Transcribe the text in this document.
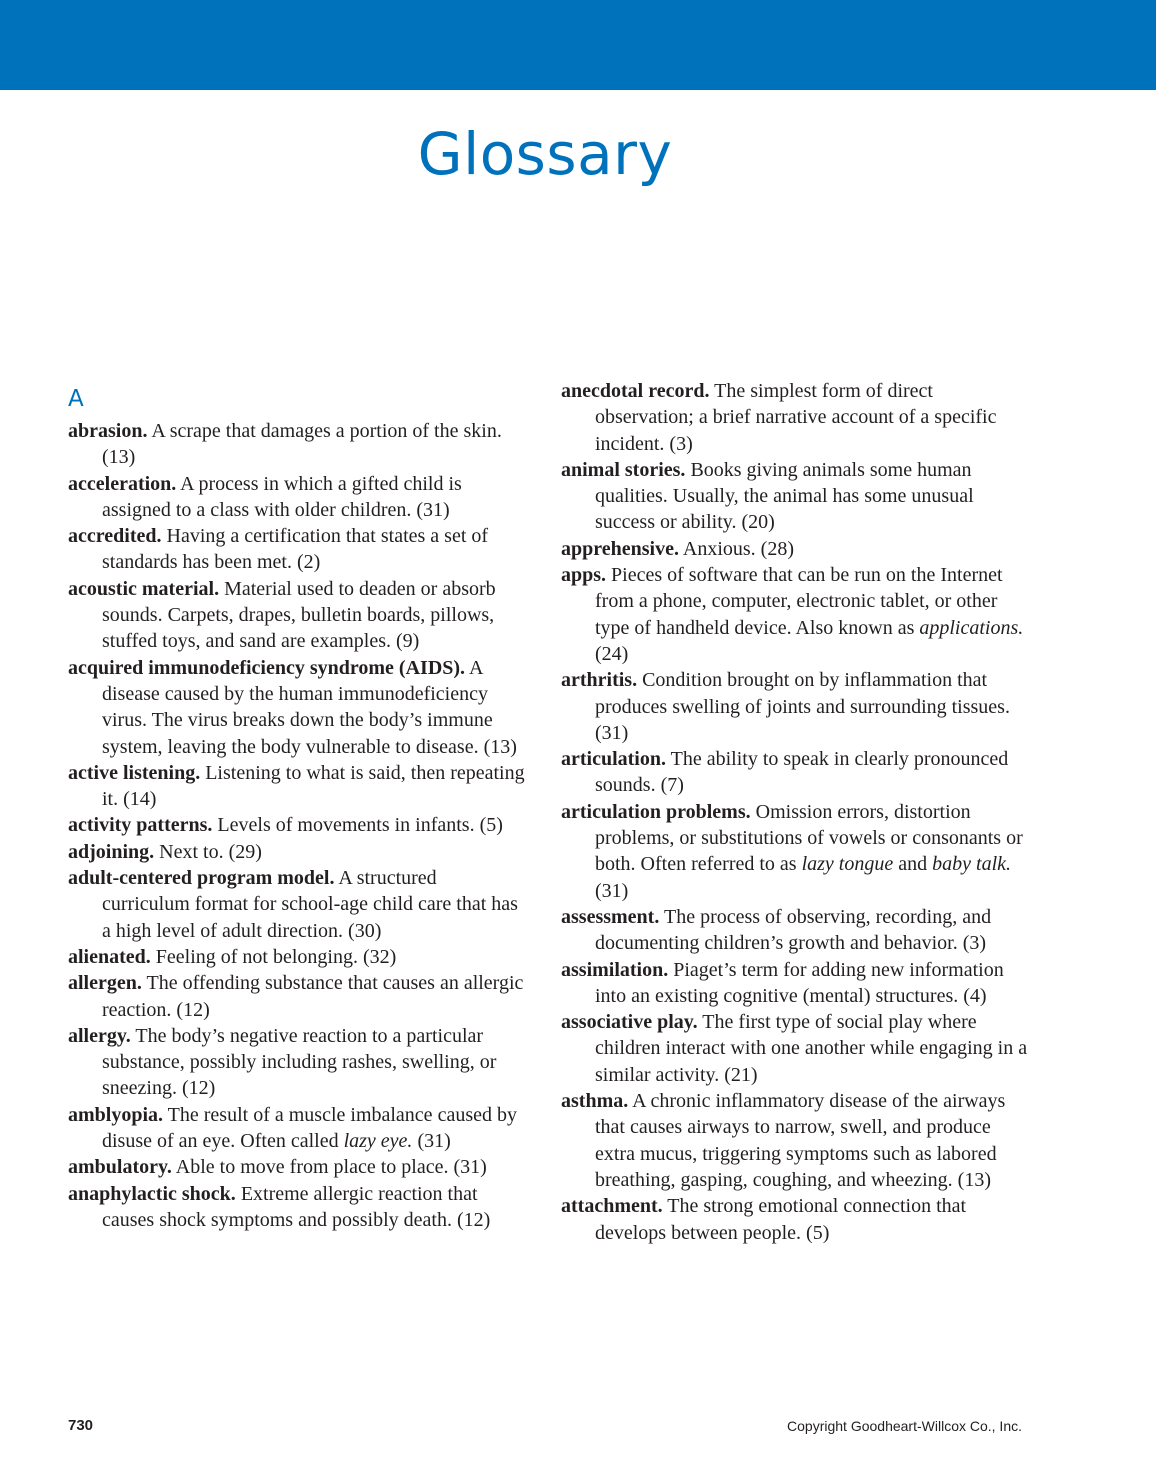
Glossary
A

abrasion. A scrape that damages a portion of the skin. (13)

acceleration. A process in which a gifted child is assigned to a class with older children. (31)

accredited. Having a certification that states a set of standards has been met. (2)

acoustic material. Material used to deaden or absorb sounds. Carpets, drapes, bulletin boards, pillows, stuffed toys, and sand are examples. (9)

acquired immunodeficiency syndrome (AIDS). A disease caused by the human immunodeficiency virus. The virus breaks down the body’s immune system, leaving the body vulnerable to disease. (13)

active listening. Listening to what is said, then repeating it. (14)

activity patterns. Levels of movements in infants. (5)

adjoining. Next to. (29)

adult-centered program model. A structured curriculum format for school-age child care that has a high level of adult direction. (30)

alienated. Feeling of not belonging. (32)

allergen. The offending substance that causes an allergic reaction. (12)

allergy. The body’s negative reaction to a particular substance, possibly including rashes, swelling, or sneezing. (12)

amblyopia. The result of a muscle imbalance caused by disuse of an eye. Often called lazy eye. (31)

ambulatory. Able to move from place to place. (31)

anaphylactic shock. Extreme allergic reaction that causes shock symptoms and possibly death. (12)

anecdotal record. The simplest form of direct observation; a brief narrative account of a specific incident. (3)

animal stories. Books giving animals some human qualities. Usually, the animal has some unusual success or ability. (20)

apprehensive. Anxious. (28)

apps. Pieces of software that can be run on the Internet from a phone, computer, electronic tablet, or other type of handheld device. Also known as applications. (24)

arthritis. Condition brought on by inflammation that produces swelling of joints and surrounding tissues. (31)

articulation. The ability to speak in clearly pronounced sounds. (7)

articulation problems. Omission errors, distortion problems, or substitutions of vowels or consonants or both. Often referred to as lazy tongue and baby talk. (31)

assessment. The process of observing, recording, and documenting children’s growth and behavior. (3)

assimilation. Piaget’s term for adding new information into an existing cognitive (mental) structures. (4)

associative play. The first type of social play where children interact with one another while engaging in a similar activity. (21)

asthma. A chronic inflammatory disease of the airways that causes airways to narrow, swell, and produce extra mucus, triggering symptoms such as labored breathing, gasping, coughing, and wheezing. (13)

attachment. The strong emotional connection that develops between people. (5)

730	Copyright Goodheart-Willcox Co., Inc.
